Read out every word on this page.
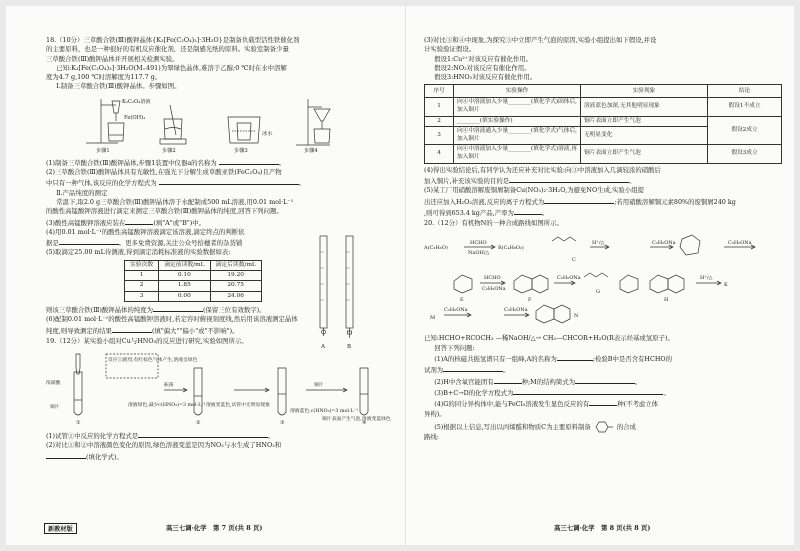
18.（10分）三草酸合铁(Ⅲ)酸钾晶体{K₃[Fe(C₂O₄)₃]·3H₂O}是制备负载型活性铁催化剂

的主要原料，也是一种很好的有机反应催化剂，还是制感光纸的原料。实验室制备少量

三草酸合铁(Ⅲ)酸钾晶体并开展相关检测实验。

已知:K₃[Fe(C₂O₄)₃]·3H₂O(M₌491)为翠绿色晶体,难溶于乙醇;0 ℃时在水中溶解

度为4.7 g,100 ℃时溶解度为117.7 g。

Ⅰ.制备三草酸合铁(Ⅲ)酸钾晶体。步骤如图。

K₂C₂O₄溶液
Fe(OH)₃
冰水
步骤1	步骤2	步骤3	步骤4

(1)制备三草酸合铁(Ⅲ)酸钾晶体,步骤1装置中仪器a的名称为	。

(2)三草酸合铁(Ⅲ)酸钾晶体具有光敏性,在强光下分解生成草酸亚铁(FeC₂O₄)且产物

中只有一种气体,该反应的化学方程式为	。

Ⅱ.产品纯度的测定

常温下,取2.0 g三草酸合铁(Ⅲ)酸钾晶体溶于水配制成500 mL溶液,用0.01 mol·L⁻¹

的酸性高锰酸钾溶液进行滴定来测定三草酸合铁(Ⅲ)酸钾晶体的纯度,回答下列问题。

(3)酸性高锰酸钾溶液应装在	(填"A"或"B")中。

(4)用0.01 mol·L⁻¹的酸性高锰酸钾溶液滴定该溶液,滴定终点的判断依

据是	。更多免费资源,关注公众号拾穗者的杂货铺

(5)取滴定25.00 mL待测液,得到滴定消耗标准液的实验数据如表:

实验次数	滴定前读数/mL	滴定后读数/mL
1	0.10	19.20
2	1.85	20.75
3	0.00	24.06

则该三草酸合铁(Ⅲ)酸钾晶体的纯度为	(保留三位有效数字)。

(6)配制0.01 mol·L⁻¹的酸性高锰酸钾溶液时,若定容时俯视刻度线,然后用该溶液测定晶体

纯度,则导致测定的结果	(填"偏大""偏小"或"不影响")。

19.（12分）某实验小组对Cu与HNO₃的反应进行研究,实验如图所示。

浓硝酸
铜片
反应①剧烈,有红棕色气体产生,溶液呈绿色
振荡	铜片
①	②	③	④
溶液绿色,减少c(HNO₃)=3 mol·L⁻¹ 溶液变蓝色,试管中无明显现象
溶液蓝色,c(HNO₃)=3 mol·L⁻¹
铜片表面产生气泡,溶液变蓝绿色

(1)试管①中反应的化学方程式是	。

(2)对比①和②中溶液颜色变化的原因,绿色溶液变蓝是因为NO₂与水生成了HNO₂和

(填化学式)。

A	B

(3)对比③和④中现象,为探究③中立即产生气泡的原因,实验小组提出如下假设,并设

计实验验证假设。

假设1:Cu²⁺对该反应有催化作用。

假设2:NO₂对该反应有催化作用。

假设3:HNO₂对该反应有催化作用。

序号	实验操作	实验现象	结论
1	向④中溶液加入少量________(填化学式)固体后,加入铜片	溶液蓝色加深,无其他明显现象	假设1不成立
2	________(填实验操作)	铜片表面立即产生气泡	假设2成立
3	向④中溶液通入少量________(填化学式)气体后,加入铜片	无明显变化	
4	向④中溶液加入少量________(填化学式)溶液,再加入铜片	铜片表面立即产生气泡	假设3成立

(4)得出实验结论后,有同学认为还应补充对比实验:向③中溶液加入几滴较浓的硝酸后

加入铜片,补充该实验的目的是	。

(5)某工厂用硝酸溶解废铜屑制备Cu(NO₃)₂·3H₂O,为避免NO生成,实验小组提

出还应加入H₂O₂溶液,反应的离子方程式为	;若用硝酸溶解铜元素80%的废铜屑240 kg

,则可得到653.4 kg产品,产率为	。

20.（12分）有机物N的一种合成路线如图所示。

A(C₃H₆O)
HCHO
NaOH/△
B(C₄H₈O₂)
H⁺/△
C
C₂H₅ONa	C₂H₅ONa
E
HCHO
C₂H₅ONa
F
C₂H₅ONa
G
H
H⁺/△
K
M
C₂H₅ONa	C₂H₅ONa
N

已知:HCHO+RCOCH₃ —稀NaOH/△→ CH₂—CHCOR+H₂O(R表示烃基或氢原子)。

回答下列问题:

(1)A的核磁共振氢谱只有一组峰,A的名称为	;检验B中是否含有HCHO的

试剂为	。

(2)H中含氧官能团有	种;M的结构简式为	。

(3)B+C→D的化学方程式为	。

(4)G的同分异构体中,能与FeCl₃溶液发生显色反应的有	种(不考虑立体

异构)。

(5)根据以上信息,写出以丙烯醛和物质C为主要原料制备	的合成

路线:

新教材版	高三七调·化学　第 7 页(共 8 页)	高三七调·化学　第 8 页(共 8 页)
